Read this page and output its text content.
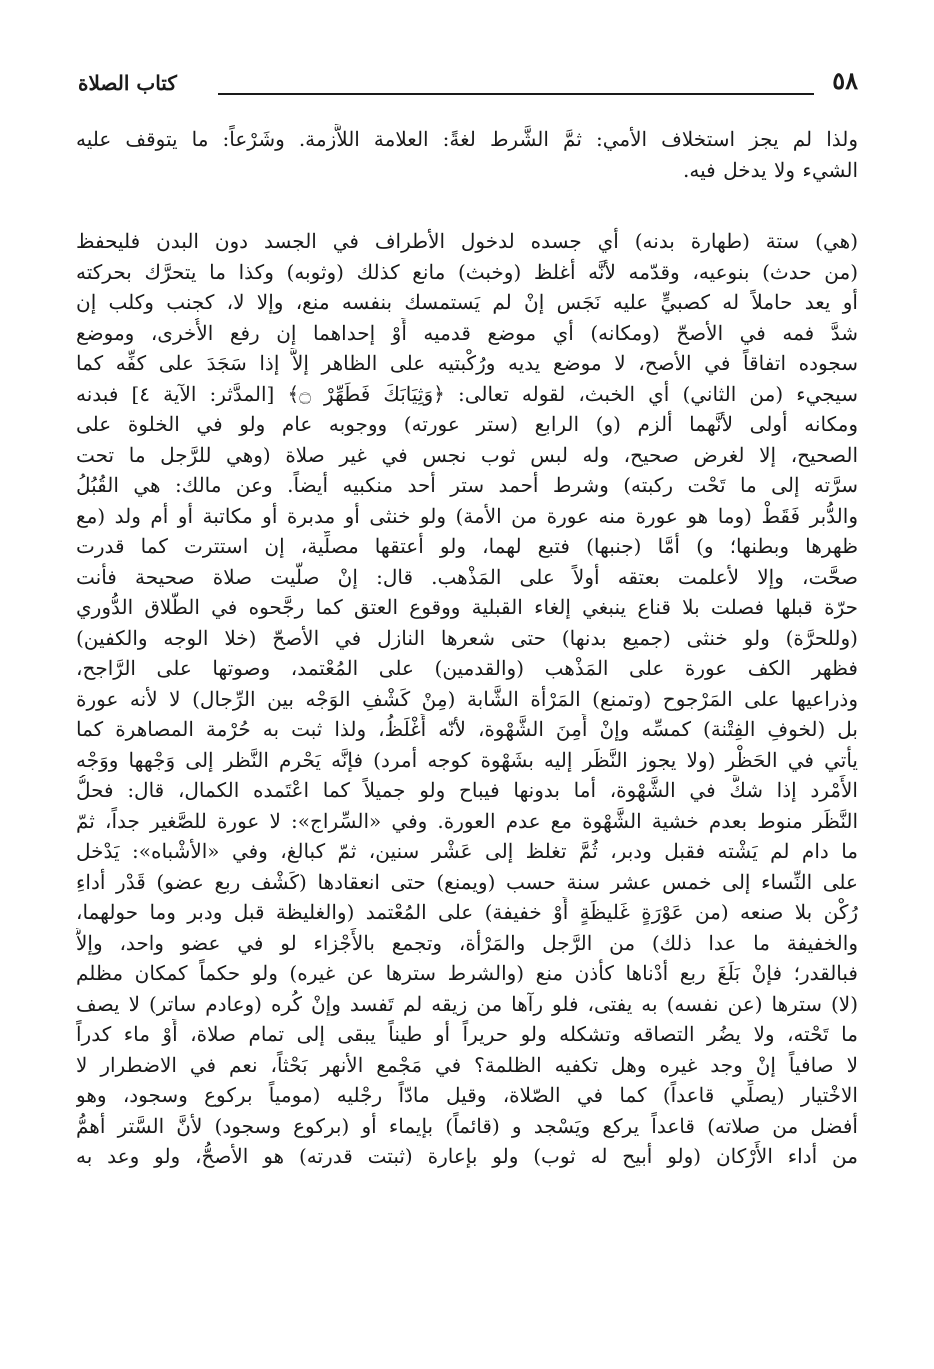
٥٨
كتاب الصلاة
ولذا لم يجز استخلاف الأمي: ثمَّ الشَّرط لغةً: العلامة اللاَّزمة. وشَرْعاً: ما يتوقف عليه
الشيء ولا يدخل فيه.
(هي) ستة (طهارة بدنه) أي جسده لدخول الأطراف في الجسد دون البدن فليحفظ
(من حدث) بنوعيه، وقدّمه لأنَّه أغلظ (وخبث) مانع كذلك (وثوبه) وكذا ما يتحرَّك بحركته
أو يعد حاملاً له كصبيٍّ عليه نَجَس إنْ لم يَستمسك بنفسه منع، وإلا لا، كجنب وكلب إن
شدَّ فمه في الأصحّ (ومكانه) أي موضع قدميه أَوْ إحداهما إن رفع الأُخرى، وموضع
سجوده اتفاقاً في الأصح، لا موضع يديه ورُكْبتيه على الظاهر إلاَّ إذا سَجَدَ على كفِّه كما
سيجيء (من الثاني) أي الخبث، لقوله تعالى: ﴿وَثِيَابَكَ فَطَهِّرْ ۝﴾ [المدَّثر: الآية ٤] فبدنه
ومكانه أولى لأنَّهما ألزم (و) الرابع (ستر عورته) ووجوبه عام ولو في الخلوة على
الصحيح، إلا لغرض صحيح، وله لبس ثوب نجس في غير صلاة (وهي للرَّجل ما تحت
سرَّته إلى ما تَحْت ركبته) وشرط أحمد ستر أحد منكبيه أيضاً. وعن مالك: هي القُبُلُ
والدُّبر فَقَطْ (وما هو عورة منه عورة من الأمة) ولو خنثى أو مدبرة أو مكاتبة أو أم ولد (مع
ظهرها وبطنها؛ و) أمَّا (جنبها) فتبع لهما، ولو أعتقها مصلِّية، إن استترت كما قدرت
صحَّت، وإلا لأعلمت بعتقه أولاً على المَذْهب. قال: إنْ صلَّيت صلاة صحيحة فأنت
حرّة قبلها فصلت بلا قناع ينبغي إلغاء القبلية ووقوع العتق كما رجَّحوه في الطَّلاق الدُّوري
(وللحرَّة) ولو خنثى (جميع بدنها) حتى شعرها النازل في الأصحّ (خلا الوجه والكفين)
فظهر الكف عورة على المَذْهب (والقدمين) على المُعْتمد، وصوتها على الرَّاجح،
وذراعيها على المَرْجوح (وتمنع) المَرْأة الشَّابة (مِنْ كَشْفِ الوَجْه بين الرِّجال) لا لأنه عورة
بل (لخوفِ الفِتْنة) كمسِّه وإنْ أَمِنَ الشَّهْوة، لأنّه أَغْلَظُ، ولذا ثبت به حُرْمة المصاهرة كما
يأتي في الحَظْر (ولا يجوز النَّظَر إليه بشَهْوة كوجه أمرد) فإنَّه يَحْرم النَّظر إلى وَجْهها ووَجْه
الأَمْرد إذا شكَّ في الشَّهْوة، أما بدونها فيباح ولو جميلاً كما اعْتَمده الكمال، قال: فحلُّ
النَّظَر منوط بعدم خشية الشَّهْوة مع عدم العورة. وفي «السِّراج»: لا عورة للصَّغير جداً، ثمّ
ما دام لم يَشْته فقبل ودبر، ثُمَّ تغلظ إلى عَشْر سنين، ثمّ كبالغ، وفي «الأشْباه»: يَدْخل
على النِّساء إلى خمس عشر سنة حسب (ويمنع) حتى انعقادها (كَشْف ربع عضو) قَدْر أداءِ
رُكْن بلا صنعه (من عَوْرَةٍ غَليظَةٍ أَوْ خفيفة) على المُعْتمد (والغليظة قبل ودبر وما حولهما،
والخفيفة ما عدا ذلك) من الرَّجل والمَرْأة، وتجمع بالأَجْزاء لو في عضو واحد، وإلاَّ
فبالقدر؛ فإنْ بَلَغَ ربع أدْناها كأذن منع (والشرط سترها عن غيره) ولو حكماً كمكان مظلم
(لا) سترها (عن نفسه) به يفتى، فلو رآها من زيقه لم تَفسد وإنْ كُره (وعادم ساتر) لا يصف
ما تَحْته، ولا يضُر التصاقه وتشكله ولو حريراً أو طيناً يبقى إلى تمام صلاة، أَوْ ماء كدراً
لا صافياً إنْ وجد غيره وهل تكفيه الظلمة؟ في مَجْمع الأنهر بَحْثاً، نعم في الاضطرار لا
الاخْتيار (يصلِّي قاعداً) كما في الصّلاة، وقيل مادّاً رجْليه (مومياً بركوع وسجود، وهو
أفضل من صلاته) قاعداً يركع ويَسْجد و (قائماً) بإيماء أو (بركوع وسجود) لأنَّ السَّتر أهمُّ
من أداء الأَرْكان (ولو أبيح له ثوب) ولو بإعارة (ثبتت قدرته) هو الأصحُّ، ولو وعد به
